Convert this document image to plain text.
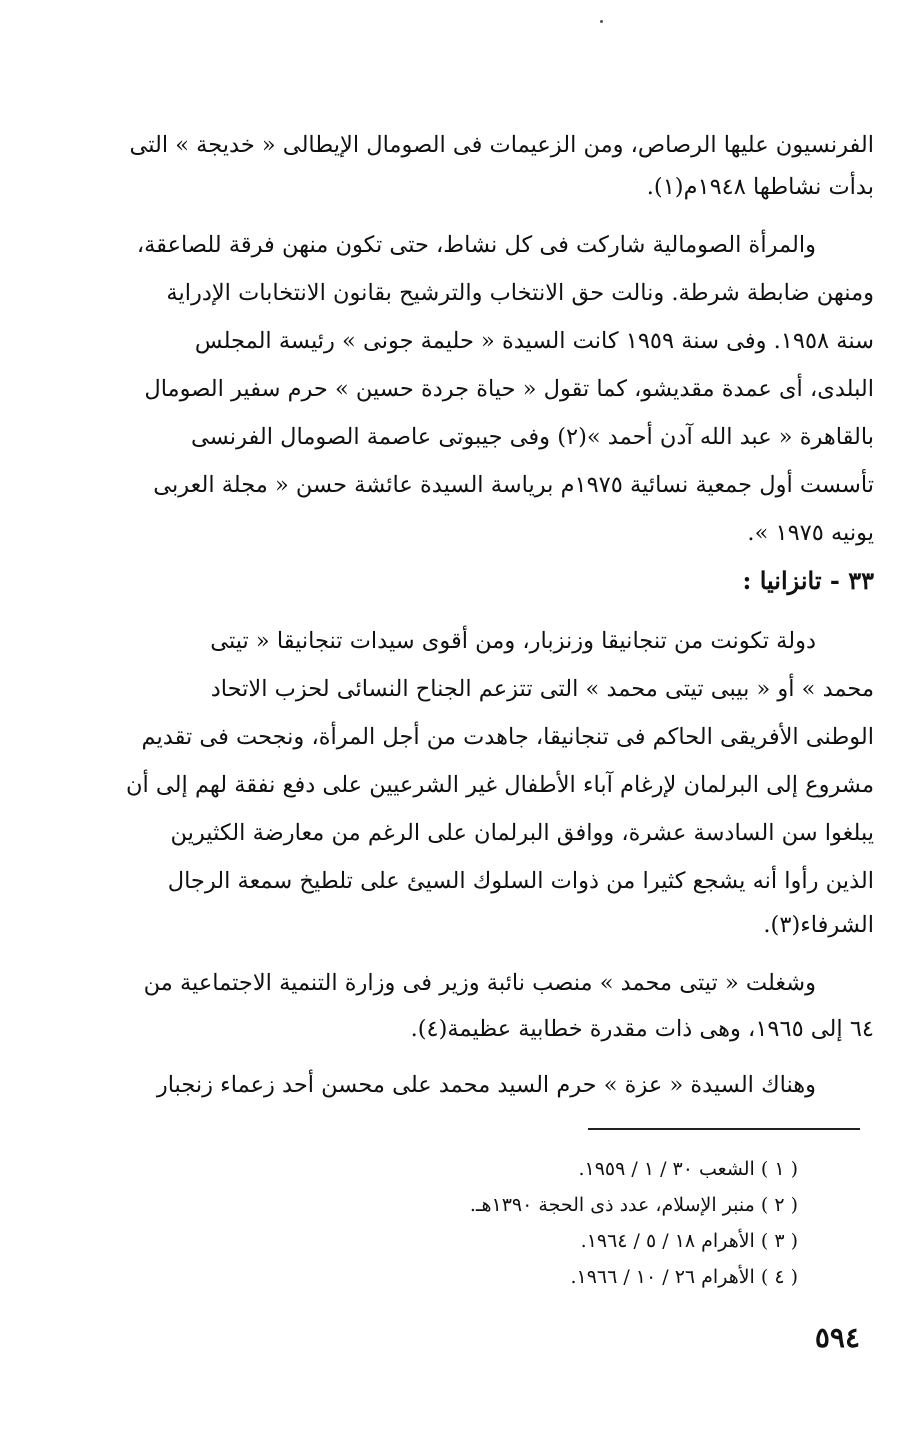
الفرنسيون عليها الرصاص، ومن الزعيمات فى الصومال الإيطالى « خديجة » التى
بدأت نشاطها ١٩٤٨م(١).
والمرأة الصومالية شاركت فى كل نشاط، حتى تكون منهن فرقة للصاعقة،
ومنهن ضابطة شرطة. ونالت حق الانتخاب والترشيح بقانون الانتخابات الإدراية
سنة ١٩٥٨. وفى سنة ١٩٥٩ كانت السيدة « حليمة جونى » رئيسة المجلس
البلدى، أى عمدة مقديشو، كما تقول « حياة جردة حسين » حرم سفير الصومال
بالقاهرة « عبد الله آدن أحمد »(٢) وفى جيبوتى عاصمة الصومال الفرنسى
تأسست أول جمعية نسائية ١٩٧٥م برياسة السيدة عائشة حسن « مجلة العربى
يونيه ١٩٧٥ ».
٣٣ - تانزانيا :
دولة تكونت من تنجانيقا وزنزبار، ومن أقوى سيدات تنجانيقا « تيتى
محمد » أو « بيبى تيتى محمد » التى تتزعم الجناح النسائى لحزب الاتحاد
الوطنى الأفريقى الحاكم فى تنجانيقا، جاهدت من أجل المرأة، ونجحت فى تقديم
مشروع إلى البرلمان لإرغام آباء الأطفال غير الشرعيين على دفع نفقة لهم إلى أن
يبلغوا سن السادسة عشرة، ووافق البرلمان على الرغم من معارضة الكثيرين
الذين رأوا أنه يشجع كثيرا من ذوات السلوك السيئ على تلطيخ سمعة الرجال
الشرفاء(٣).
وشغلت « تيتى محمد » منصب نائبة وزير فى وزارة التنمية الاجتماعية من
٦٤ إلى ١٩٦٥، وهى ذات مقدرة خطابية عظيمة(٤).
وهناك السيدة « عزة » حرم السيد محمد على محسن أحد زعماء زنجبار
( ١ ) الشعب ٣٠ / ١ / ١٩٥٩.
( ٢ ) منبر الإسلام، عدد ذى الحجة ١٣٩٠هـ.
( ٣ ) الأهرام ١٨ / ٥ / ١٩٦٤.
( ٤ ) الأهرام ٢٦ / ١٠ / ١٩٦٦.
٥٩٤
